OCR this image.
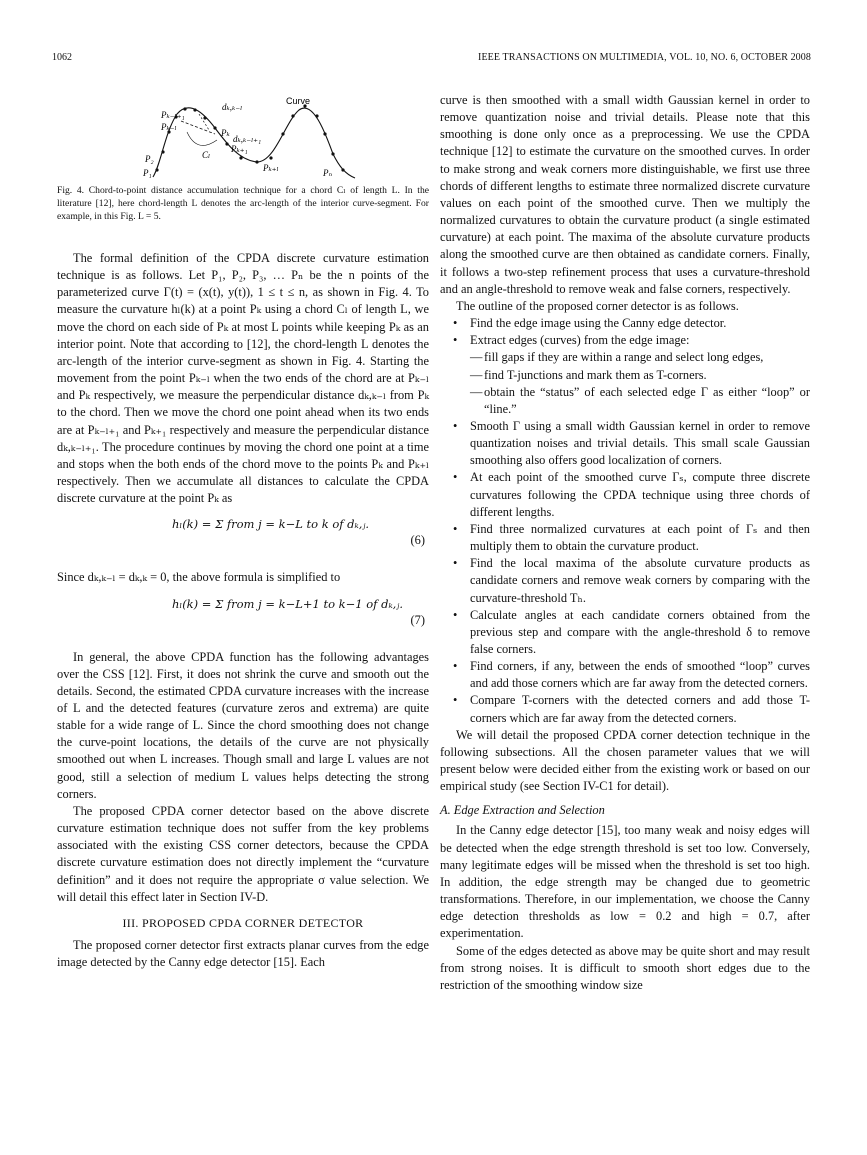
1062	IEEE TRANSACTIONS ON MULTIMEDIA, VOL. 10, NO. 6, OCTOBER 2008
Curve
Pₖ₋ₗ₊₁
Pₖ₋ₗ
dₖ,ₖ₋ₗ
Pₖ
dₖ,ₖ₋ₗ₊₁
Pₖ₊₁
Cₗ
P₂
P₁	Pₖ₊ₗ	Pₙ

Fig. 4. Chord-to-point distance accumulation technique for a chord Cₗ of length L. In the literature [12], here chord-length L denotes the arc-length of the interior curve-segment. For example, in this Fig. L = 5.

The formal definition of the CPDA discrete curvature estimation technique is as follows. Let P₁, P₂, P₃, … Pₙ be the n points of the parameterized curve Γ(t) = (x(t), y(t)), 1 ≤ t ≤ n, as shown in Fig. 4. To measure the curvature hₗ(k) at a point Pₖ using a chord Cₗ of length L, we move the chord on each side of Pₖ at most L points while keeping Pₖ as an interior point. Note that according to [12], the chord-length L denotes the arc-length of the interior curve-segment as shown in Fig. 4. Starting the movement from the point Pₖ₋ₗ when the two ends of the chord are at Pₖ₋ₗ and Pₖ respectively, we measure the perpendicular distance dₖ,ₖ₋ₗ from Pₖ to the chord. Then we move the chord one point ahead when its two ends are at Pₖ₋ₗ₊₁ and Pₖ₊₁ respectively and measure the perpendicular distance dₖ,ₖ₋ₗ₊₁. The procedure continues by moving the chord one point at a time and stops when the both ends of the chord move to the points Pₖ and Pₖ₊ₗ respectively. Then we accumulate all distances to calculate the CPDA discrete curvature at the point Pₖ as

hₗ(k) = Σ from j = k−L to k of dₖ,ⱼ.
(6)

Since dₖ,ₖ₋ₗ = dₖ,ₖ = 0, the above formula is simplified to

hₗ(k) = Σ from j = k−L+1 to k−1 of dₖ,ⱼ.
(7)

In general, the above CPDA function has the following advantages over the CSS [12]. First, it does not shrink the curve and smooth out the details. Second, the estimated CPDA curvature increases with the increase of L and the detected features (curvature zeros and extrema) are quite stable for a wide range of L. Since the chord smoothing does not change the curve-point locations, the details of the curve are not physically smoothed out when L increases. Though small and large L values are not good, still a selection of medium L values helps detecting the strong corners.

The proposed CPDA corner detector based on the above discrete curvature estimation technique does not suffer from the key problems associated with the existing CSS corner detectors, because the CPDA discrete curvature estimation does not directly implement the “curvature definition” and it does not require the appropriate σ value selection. We will detail this effect later in Section IV-D.

III. PROPOSED CPDA CORNER DETECTOR

The proposed corner detector first extracts planar curves from the edge image detected by the Canny edge detector [15]. Each

curve is then smoothed with a small width Gaussian kernel in order to remove quantization noise and trivial details. Please note that this smoothing is done only once as a preprocessing. We use the CPDA technique [12] to estimate the curvature on the smoothed curves. In order to make strong and weak corners more distinguishable, we first use three chords of different lengths to estimate three normalized discrete curvature values on each point of the smoothed curve. Then we multiply the normalized curvatures to obtain the curvature product (a single estimated curvature) at each point. The maxima of the absolute curvature products along the smoothed curve are then obtained as candidate corners. Finally, it follows a two-step refinement process that uses a curvature-threshold and an angle-threshold to remove weak and false corners, respectively.

The outline of the proposed corner detector is as follows.

• Find the edge image using the Canny edge detector.
• Extract edges (curves) from the edge image:
— fill gaps if they are within a range and select long edges,
— find T-junctions and mark them as T-corners.
— obtain the “status” of each selected edge Γ as either “loop” or “line.”
• Smooth Γ using a small width Gaussian kernel in order to remove quantization noises and trivial details. This small scale Gaussian smoothing also offers good localization of corners.
• At each point of the smoothed curve Γₛ, compute three discrete curvatures following the CPDA technique using three chords of different lengths.
• Find three normalized curvatures at each point of Γₛ and then multiply them to obtain the curvature product.
• Find the local maxima of the absolute curvature products as candidate corners and remove weak corners by comparing with the curvature-threshold Tₕ.
• Calculate angles at each candidate corners obtained from the previous step and compare with the angle-threshold δ to remove false corners.
• Find corners, if any, between the ends of smoothed “loop” curves and add those corners which are far away from the detected corners.
• Compare T-corners with the detected corners and add those T-corners which are far away from the detected corners.

We will detail the proposed CPDA corner detection technique in the following subsections. All the chosen parameter values that we will present below were decided either from the existing work or based on our empirical study (see Section IV-C1 for detail).

A. Edge Extraction and Selection

In the Canny edge detector [15], too many weak and noisy edges will be detected when the edge strength threshold is set too low. Conversely, many legitimate edges will be missed when the threshold is set too high. In addition, the edge strength may be changed due to geometric transformations. Therefore, in our implementation, we choose the Canny edge detection thresholds as low = 0.2 and high = 0.7, after experimentation.

Some of the edges detected as above may be quite short and may result from strong noises. It is difficult to smooth short edges due to the restriction of the smoothing window size
